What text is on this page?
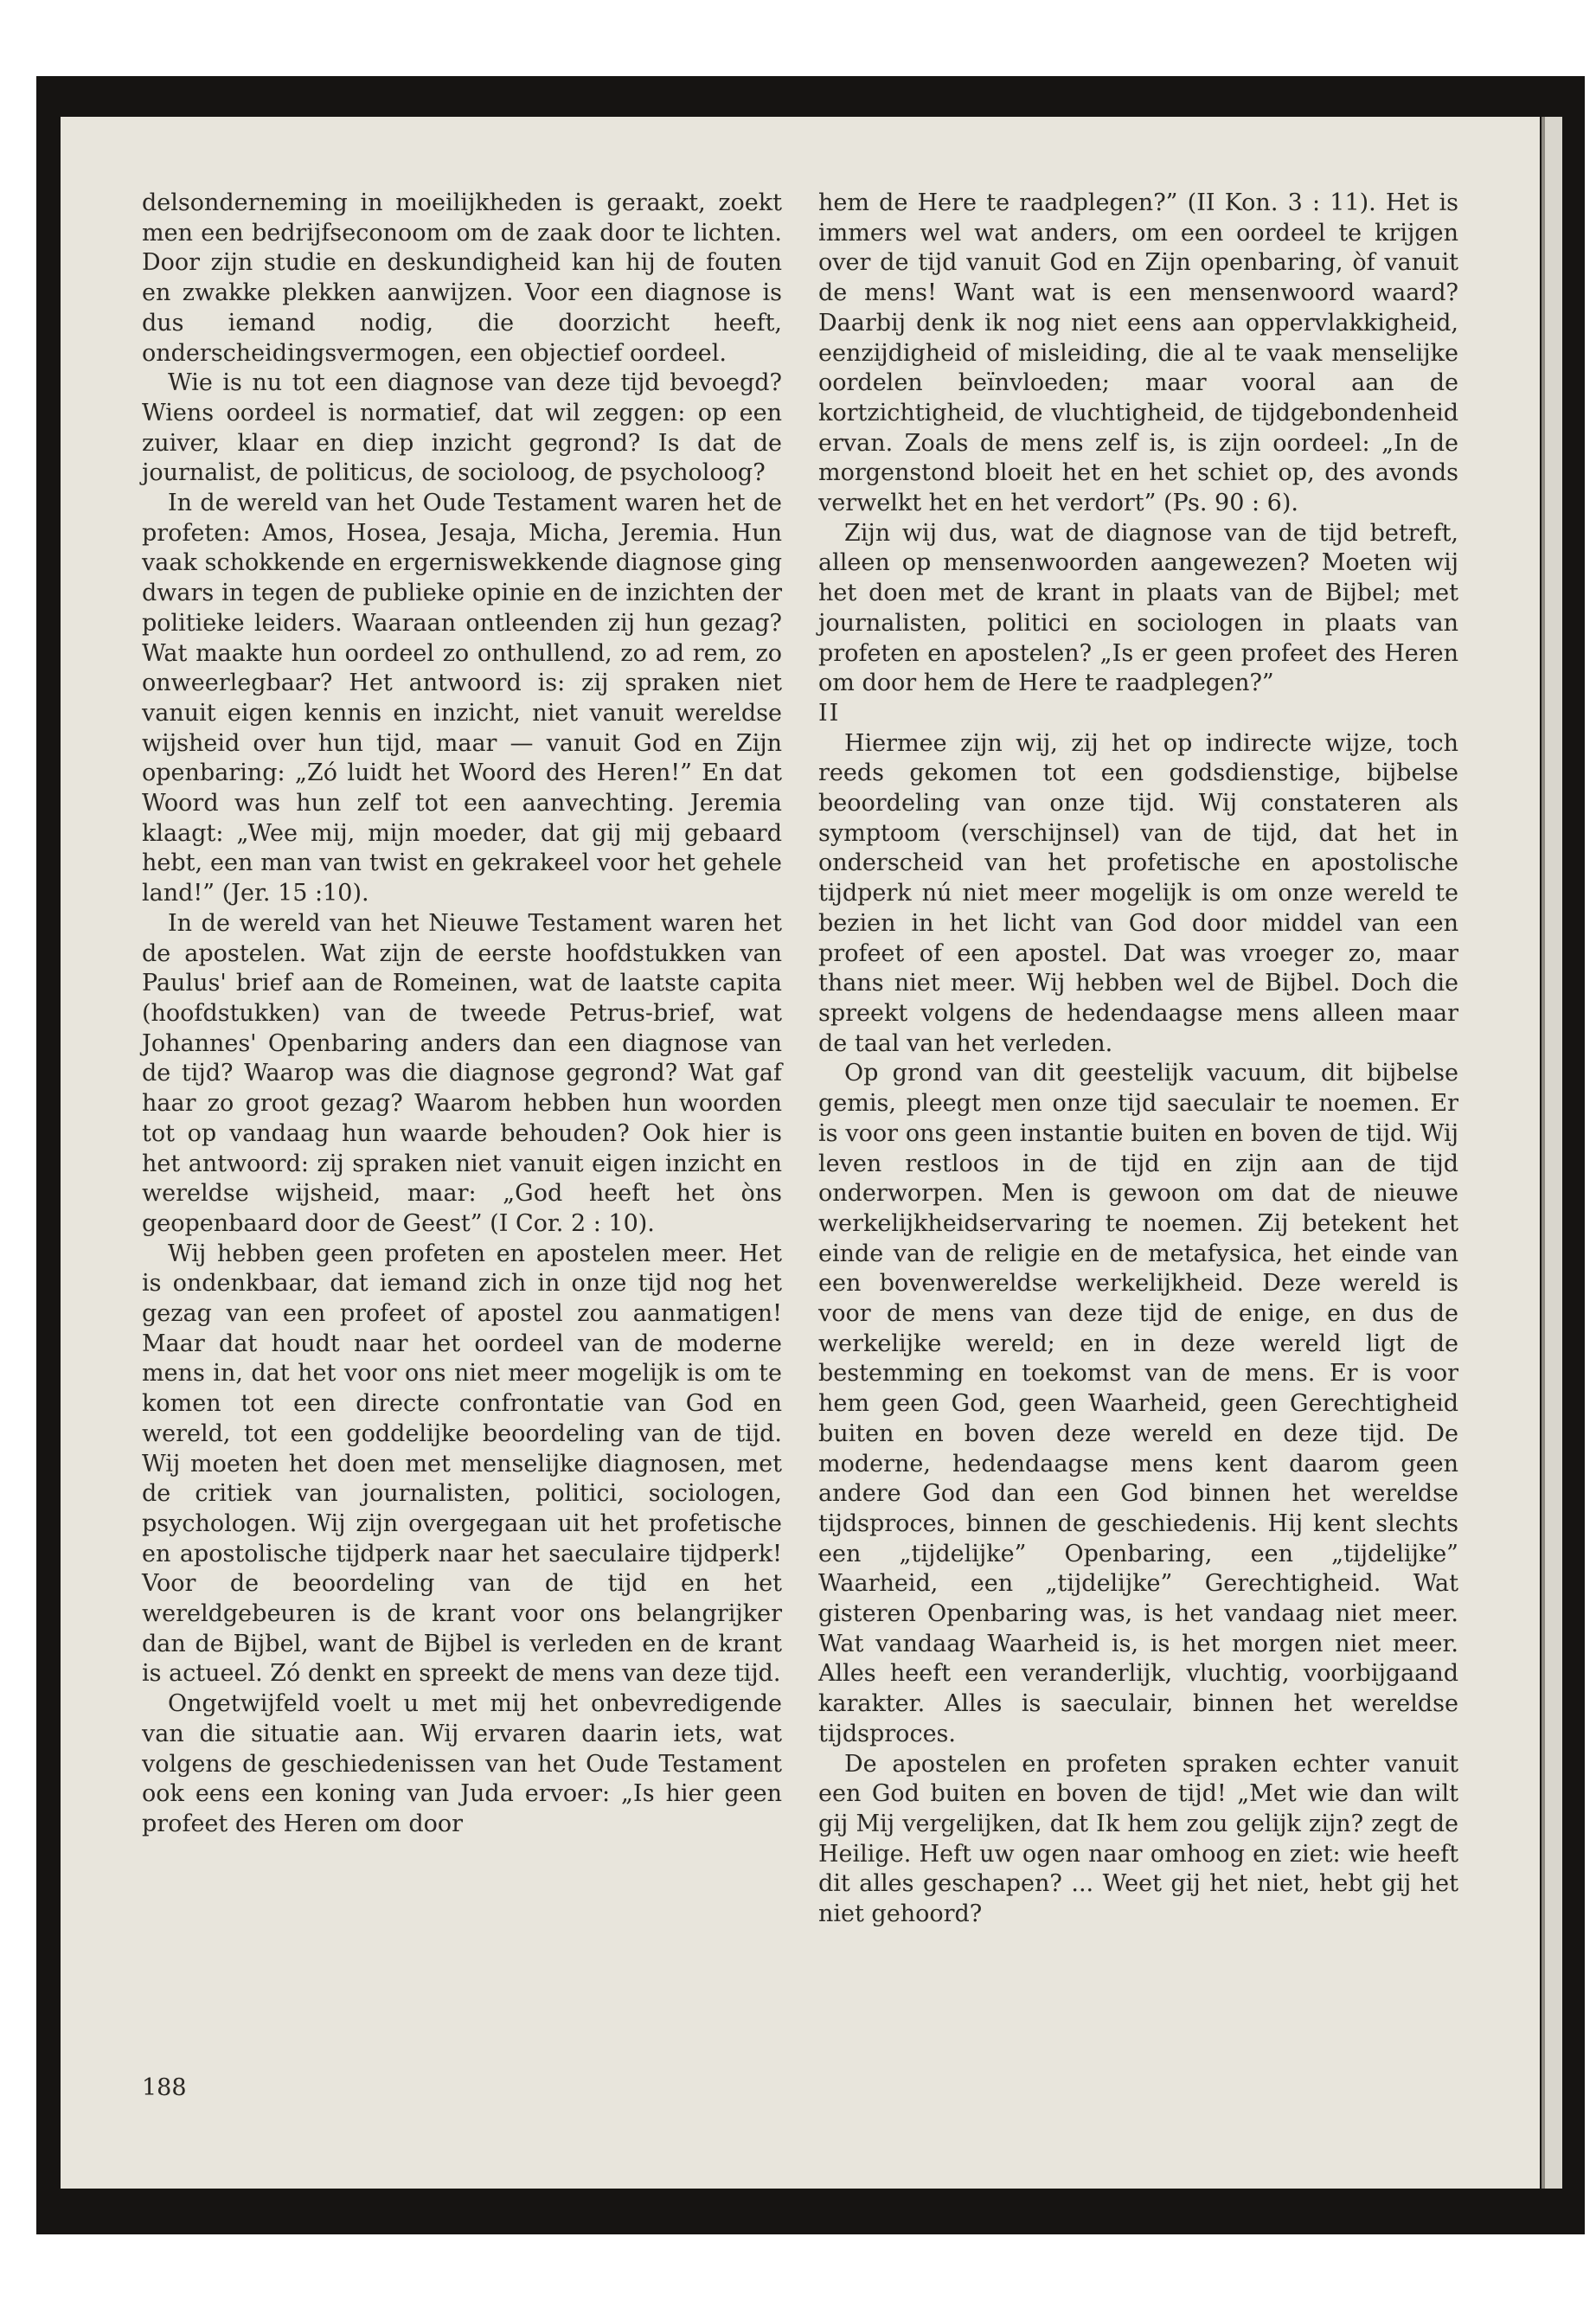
delsonderneming in moeilijkheden is geraakt, zoekt men een bedrijfseconoom om de zaak door te lichten. Door zijn studie en deskundigheid kan hij de fouten en zwakke plekken aanwijzen. Voor een diagnose is dus iemand nodig, die doorzicht heeft, onderscheidingsvermogen, een objectief oordeel.

Wie is nu tot een diagnose van deze tijd bevoegd? Wiens oordeel is normatief, dat wil zeggen: op een zuiver, klaar en diep inzicht gegrond? Is dat de journalist, de politicus, de socioloog, de psycholoog?

In de wereld van het Oude Testament waren het de profeten: Amos, Hosea, Jesaja, Micha, Jeremia. Hun vaak schokkende en ergerniswekkende diagnose ging dwars in tegen de publieke opinie en de inzichten der politieke leiders. Waaraan ontleenden zij hun gezag? Wat maakte hun oordeel zo onthullend, zo ad rem, zo onweerlegbaar? Het antwoord is: zij spraken niet vanuit eigen kennis en inzicht, niet vanuit wereldse wijsheid over hun tijd, maar — vanuit God en Zijn openbaring: „Zó luidt het Woord des Heren!” En dat Woord was hun zelf tot een aanvechting. Jeremia klaagt: „Wee mij, mijn moeder, dat gij mij gebaard hebt, een man van twist en gekrakeel voor het gehele land!” (Jer. 15 :10).

In de wereld van het Nieuwe Testament waren het de apostelen. Wat zijn de eerste hoofdstukken van Paulus' brief aan de Romeinen, wat de laatste capita (hoofdstukken) van de tweede Petrus-brief, wat Johannes' Openbaring anders dan een diagnose van de tijd? Waarop was die diagnose gegrond? Wat gaf haar zo groot gezag? Waarom hebben hun woorden tot op vandaag hun waarde behouden? Ook hier is het antwoord: zij spraken niet vanuit eigen inzicht en wereldse wijsheid, maar: „God heeft het òns geopenbaard door de Geest” (I Cor. 2 : 10).

Wij hebben geen profeten en apostelen meer. Het is ondenkbaar, dat iemand zich in onze tijd nog het gezag van een profeet of apostel zou aanmatigen! Maar dat houdt naar het oordeel van de moderne mens in, dat het voor ons niet meer mogelijk is om te komen tot een directe confrontatie van God en wereld, tot een goddelijke beoordeling van de tijd. Wij moeten het doen met menselijke diagnosen, met de critiek van journalisten, politici, sociologen, psychologen. Wij zijn overgegaan uit het profetische en apostolische tijdperk naar het saeculaire tijdperk! Voor de beoordeling van de tijd en het wereldgebeuren is de krant voor ons belangrijker dan de Bijbel, want de Bijbel is verleden en de krant is actueel. Zó denkt en spreekt de mens van deze tijd.

Ongetwijfeld voelt u met mij het onbevredigende van die situatie aan. Wij ervaren daarin iets, wat volgens de geschiedenissen van het Oude Testament ook eens een koning van Juda ervoer: „Is hier geen profeet des Heren om door

hem de Here te raadplegen?” (II Kon. 3 : 11). Het is immers wel wat anders, om een oordeel te krijgen over de tijd vanuit God en Zijn openbaring, òf vanuit de mens! Want wat is een mensenwoord waard? Daarbij denk ik nog niet eens aan oppervlakkigheid, eenzijdigheid of misleiding, die al te vaak menselijke oordelen beïnvloeden; maar vooral aan de kortzichtigheid, de vluchtigheid, de tijdgebondenheid ervan. Zoals de mens zelf is, is zijn oordeel: „In de morgenstond bloeit het en het schiet op, des avonds verwelkt het en het verdort” (Ps. 90 : 6).

Zijn wij dus, wat de diagnose van de tijd betreft, alleen op mensenwoorden aangewezen? Moeten wij het doen met de krant in plaats van de Bijbel; met journalisten, politici en sociologen in plaats van profeten en apostelen? „Is er geen profeet des Heren om door hem de Here te raadplegen?”

II

Hiermee zijn wij, zij het op indirecte wijze, toch reeds gekomen tot een godsdienstige, bijbelse beoordeling van onze tijd. Wij constateren als symptoom (verschijnsel) van de tijd, dat het in onderscheid van het profetische en apostolische tijdperk nú niet meer mogelijk is om onze wereld te bezien in het licht van God door middel van een profeet of een apostel. Dat was vroeger zo, maar thans niet meer. Wij hebben wel de Bijbel. Doch die spreekt volgens de hedendaagse mens alleen maar de taal van het verleden.

Op grond van dit geestelijk vacuum, dit bijbelse gemis, pleegt men onze tijd saeculair te noemen. Er is voor ons geen instantie buiten en boven de tijd. Wij leven restloos in de tijd en zijn aan de tijd onderworpen. Men is gewoon om dat de nieuwe werkelijkheidservaring te noemen. Zij betekent het einde van de religie en de metafysica, het einde van een bovenwereldse werkelijkheid. Deze wereld is voor de mens van deze tijd de enige, en dus de werkelijke wereld; en in deze wereld ligt de bestemming en toekomst van de mens. Er is voor hem geen God, geen Waarheid, geen Gerechtigheid buiten en boven deze wereld en deze tijd. De moderne, hedendaagse mens kent daarom geen andere God dan een God binnen het wereldse tijdsproces, binnen de geschiedenis. Hij kent slechts een „tijdelijke” Openbaring, een „tijdelijke” Waarheid, een „tijdelijke” Gerechtigheid. Wat gisteren Openbaring was, is het vandaag niet meer. Wat vandaag Waarheid is, is het morgen niet meer. Alles heeft een veranderlijk, vluchtig, voorbijgaand karakter. Alles is saeculair, binnen het wereldse tijdsproces.

De apostelen en profeten spraken echter vanuit een God buiten en boven de tijd! „Met wie dan wilt gij Mij vergelijken, dat Ik hem zou gelijk zijn? zegt de Heilige. Heft uw ogen naar omhoog en ziet: wie heeft dit alles geschapen? ... Weet gij het niet, hebt gij het niet gehoord?

188
